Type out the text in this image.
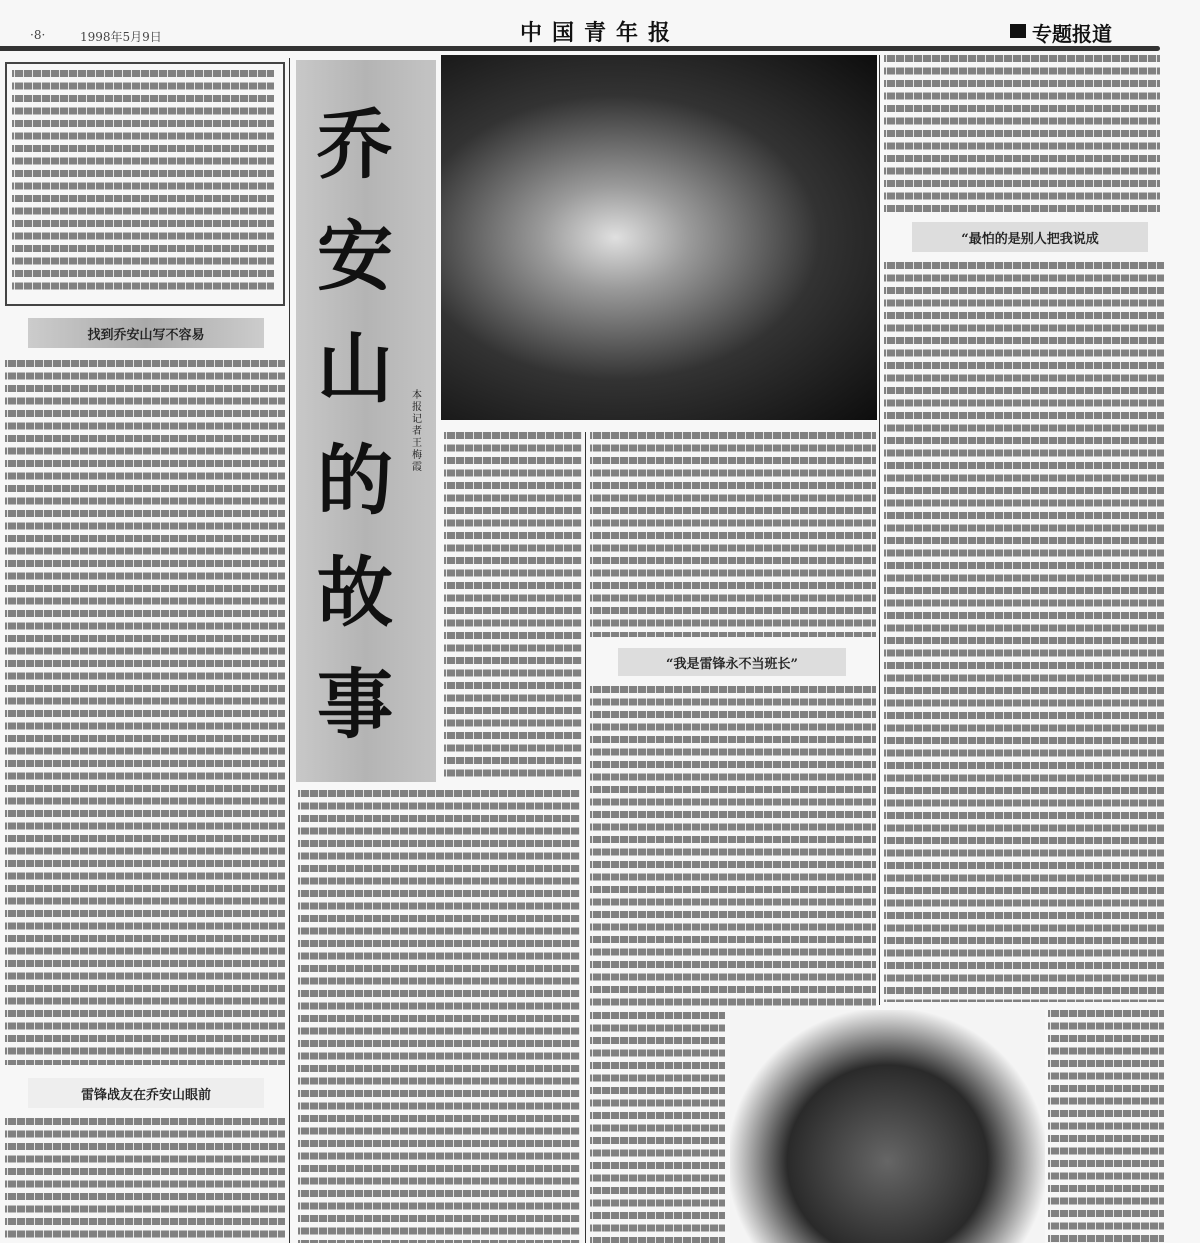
·8·	1998年5月9日	中国青年报	专题报道
找到乔安山写不容易
雷锋战友在乔安山眼前
乔
安
山
的
故
事
本报记者 王梅霞
“我是雷锋永不当班长”
“最怕的是别人把我说成
